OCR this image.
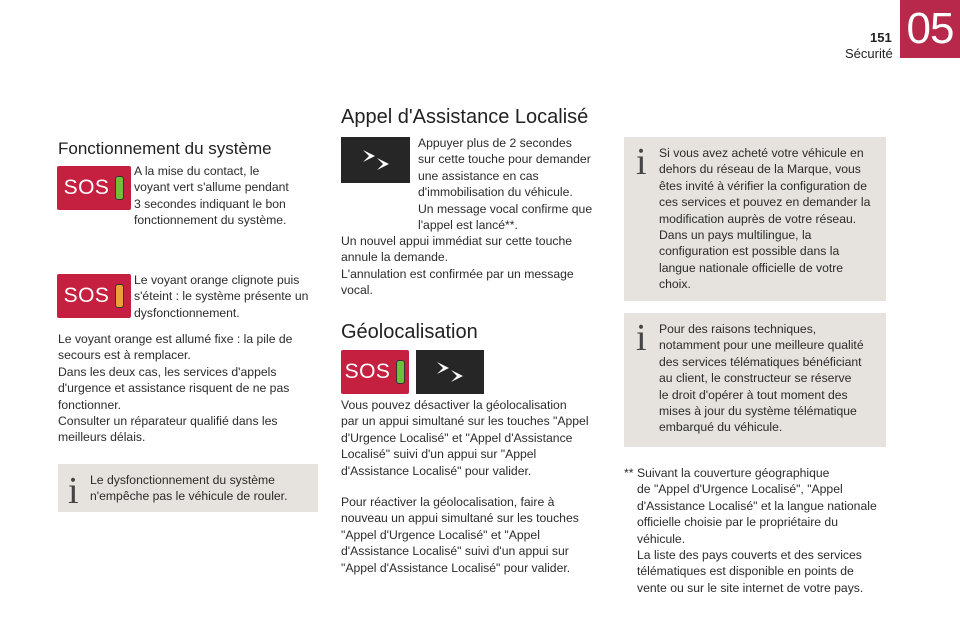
151
Sécurité
05
Fonctionnement du système
SOS
A la mise du contact, le
voyant vert s'allume pendant
3 secondes indiquant le bon
fonctionnement du système.
SOS
Le voyant orange clignote puis
s'éteint : le système présente un
dysfonctionnement.
Le voyant orange est allumé fixe : la pile de
secours est à remplacer.
Dans les deux cas, les services d'appels
d'urgence et assistance risquent de ne pas
fonctionner.
Consulter un réparateur qualifié dans les
meilleurs délais.
i Le dysfonctionnement du système
n'empêche pas le véhicule de rouler.
Appel d'Assistance Localisé
Appuyer plus de 2 secondes
sur cette touche pour demander
une assistance en cas
d'immobilisation du véhicule.
Un message vocal confirme que
l'appel est lancé**.
Un nouvel appui immédiat sur cette touche
annule la demande.
L'annulation est confirmée par un message
vocal.
Géolocalisation
SOS
Vous pouvez désactiver la géolocalisation
par un appui simultané sur les touches "Appel
d'Urgence Localisé" et "Appel d'Assistance
Localisé" suivi d'un appui sur "Appel
d'Assistance Localisé" pour valider.
Pour réactiver la géolocalisation, faire à
nouveau un appui simultané sur les touches
"Appel d'Urgence Localisé" et "Appel
d'Assistance Localisé" suivi d'un appui sur
"Appel d'Assistance Localisé" pour valider.
i Si vous avez acheté votre véhicule en
dehors du réseau de la Marque, vous
êtes invité à vérifier la configuration de
ces services et pouvez en demander la
modification auprès de votre réseau.
Dans un pays multilingue, la
configuration est possible dans la
langue nationale officielle de votre
choix.
i Pour des raisons techniques,
notamment pour une meilleure qualité
des services télématiques bénéficiant
au client, le constructeur se réserve
le droit d'opérer à tout moment des
mises à jour du système télématique
embarqué du véhicule.
** Suivant la couverture géographique
de "Appel d'Urgence Localisé", "Appel
d'Assistance Localisé" et la langue nationale
officielle choisie par le propriétaire du
véhicule.
La liste des pays couverts et des services
télématiques est disponible en points de
vente ou sur le site internet de votre pays.
